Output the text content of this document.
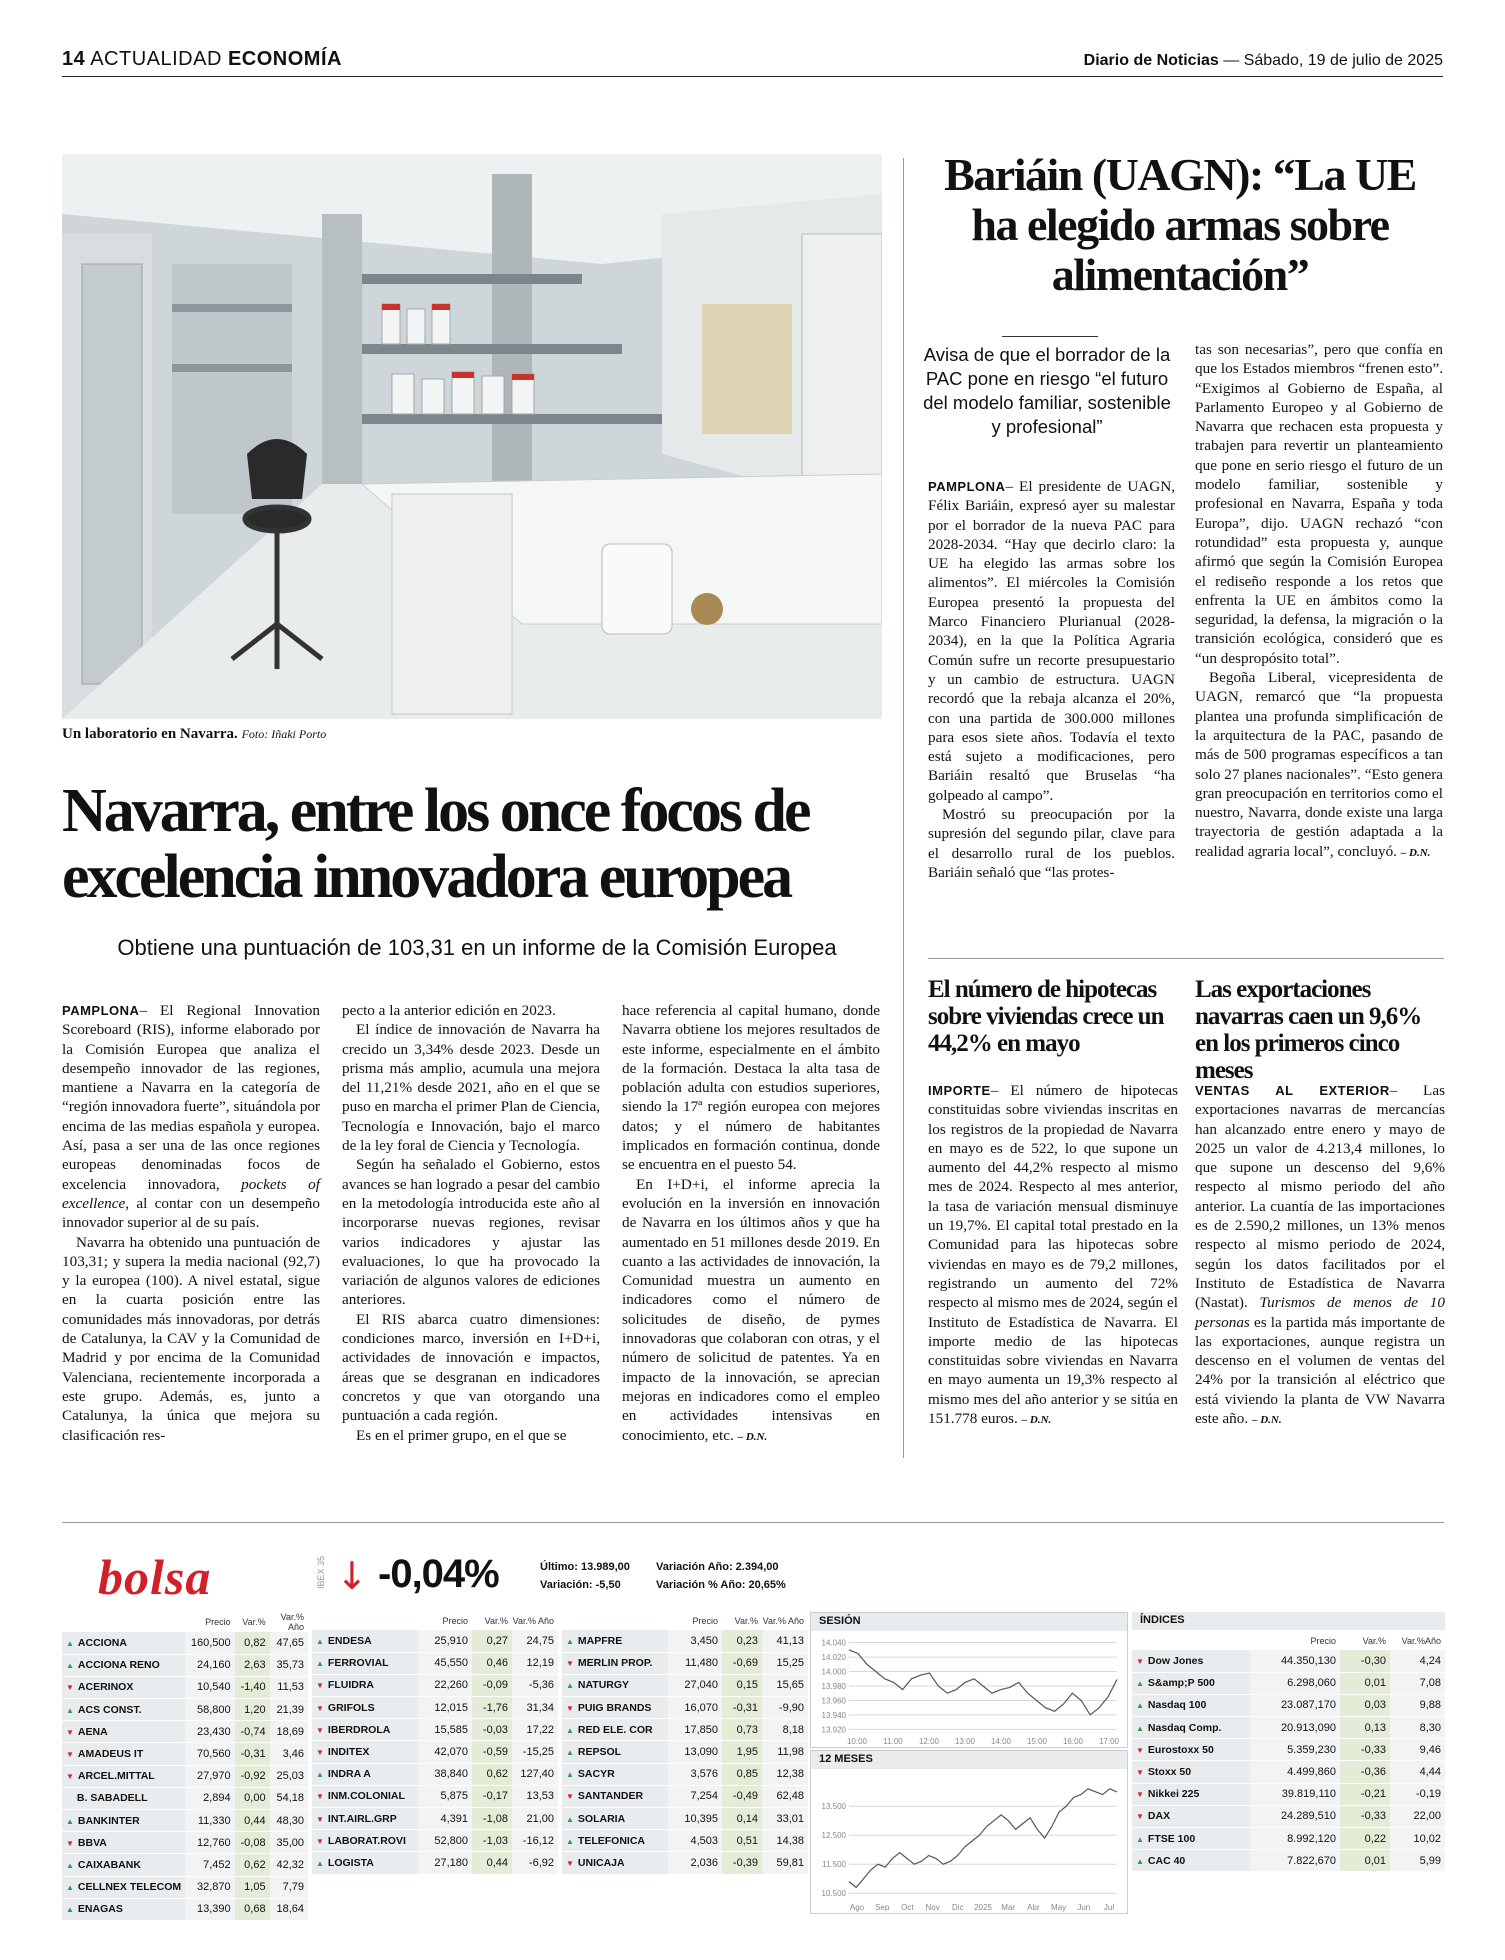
14 ACTUALIDAD ECONOMÍA	Diario de Noticias — Sábado, 19 de julio de 2025
Un laboratorio en Navarra. Foto: Iñaki Porto
Navarra, entre los once focos de excelencia innovadora europea
Obtiene una puntuación de 103,31 en un informe de la Comisión Europea

PAMPLONA– El Regional Innovation Scoreboard (RIS), informe elaborado por la Comisión Europea que analiza el desempeño innovador de las regiones, mantiene a Navarra en la categoría de “región innovadora fuerte”, situándola por encima de las medias española y europea. Así, pasa a ser una de las once regiones europeas denominadas focos de excelencia innovadora, pockets of excellence, al contar con un desempeño innovador superior al de su país.

Navarra ha obtenido una puntuación de 103,31; y supera la media nacional (92,7) y la europea (100). A nivel estatal, sigue en la cuarta posición entre las comunidades más innovadoras, por detrás de Catalunya, la CAV y la Comunidad de Madrid y por encima de la Comunidad Valenciana, recientemente incorporada a este grupo. Además, es, junto a Catalunya, la única que mejora su clasificación res-

pecto a la anterior edición en 2023.

El índice de innovación de Navarra ha crecido un 3,34% desde 2023. Desde un prisma más amplio, acumula una mejora del 11,21% desde 2021, año en el que se puso en marcha el primer Plan de Ciencia, Tecnología e Innovación, bajo el marco de la ley foral de Ciencia y Tecnología.

Según ha señalado el Gobierno, estos avances se han logrado a pesar del cambio en la metodología introducida este año al incorporarse nuevas regiones, revisar varios indicadores y ajustar las evaluaciones, lo que ha provocado la variación de algunos valores de ediciones anteriores.

El RIS abarca cuatro dimensiones: condiciones marco, inversión en I+D+i, actividades de innovación e impactos, áreas que se desgranan en indicadores concretos y que van otorgando una puntuación a cada región.

Es en el primer grupo, en el que se

hace referencia al capital humano, donde Navarra obtiene los mejores resultados de este informe, especialmente en el ámbito de la formación. Destaca la alta tasa de población adulta con estudios superiores, siendo la 17ª región europea con mejores datos; y el número de habitantes implicados en formación continua, donde se encuentra en el puesto 54.

En I+D+i, el informe aprecia la evolución en la inversión en innovación de Navarra en los últimos años y que ha aumentado en 51 millones desde 2019. En cuanto a las actividades de innovación, la Comunidad muestra un aumento en indicadores como el número de solicitudes de diseño, de pymes innovadoras que colaboran con otras, y el número de solicitud de patentes. Ya en impacto de la innovación, se aprecian mejoras en indicadores como el empleo en actividades intensivas en conocimiento, etc. – D.N.

Bariáin (UAGN): “La UE ha elegido armas sobre alimentación”
Avisa de que el borrador de la PAC pone en riesgo “el futuro del modelo familiar, sostenible y profesional”

PAMPLONA– El presidente de UAGN, Félix Bariáin, expresó ayer su malestar por el borrador de la nueva PAC para 2028-2034. “Hay que decirlo claro: la UE ha elegido las armas sobre los alimentos”. El miércoles la Comisión Europea presentó la propuesta del Marco Financiero Plurianual (2028-2034), en la que la Política Agraria Común sufre un recorte presupuestario y un cambio de estructura. UAGN recordó que la rebaja alcanza el 20%, con una partida de 300.000 millones para esos siete años. Todavía el texto está sujeto a modificaciones, pero Bariáin resaltó que Bruselas “ha golpeado al campo”.

Mostró su preocupación por la supresión del segundo pilar, clave para el desarrollo rural de los pueblos. Bariáin señaló que “las protes-

tas son necesarias”, pero que confía en que los Estados miembros “frenen esto”. “Exigimos al Gobierno de España, al Parlamento Europeo y al Gobierno de Navarra que rechacen esta propuesta y trabajen para revertir un planteamiento que pone en serio riesgo el futuro de un modelo familiar, sostenible y profesional en Navarra, España y toda Europa”, dijo. UAGN rechazó “con rotundidad” esta propuesta y, aunque afirmó que según la Comisión Europea el rediseño responde a los retos que enfrenta la UE en ámbitos como la seguridad, la defensa, la migración o la transición ecológica, consideró que es “un despropósito total”.

Begoña Liberal, vicepresidenta de UAGN, remarcó que “la propuesta plantea una profunda simplificación de la arquitectura de la PAC, pasando de más de 500 programas específicos a tan solo 27 planes nacionales”. “Esto genera gran preocupación en territorios como el nuestro, Navarra, donde existe una larga trayectoria de gestión adaptada a la realidad agraria local”, concluyó. – D.N.

El número de hipotecas sobre viviendas crece un 44,2% en mayo

IMPORTE– El número de hipotecas constituidas sobre viviendas inscritas en los registros de la propiedad de Navarra en mayo es de 522, lo que supone un aumento del 44,2% respecto al mismo mes de 2024. Respecto al mes anterior, la tasa de variación mensual disminuye un 19,7%. El capital total prestado en la Comunidad para las hipotecas sobre viviendas en mayo es de 79,2 millones, registrando un aumento del 72% respecto al mismo mes de 2024, según el Instituto de Estadística de Navarra. El importe medio de las hipotecas constituidas sobre viviendas en Navarra en mayo aumenta un 19,3% respecto al mismo mes del año anterior y se sitúa en 151.778 euros. – D.N.

Las exportaciones navarras caen un 9,6% en los primeros cinco meses

VENTAS AL EXTERIOR– Las exportaciones navarras de mercancías han alcanzado entre enero y mayo de 2025 un valor de 4.213,4 millones, lo que supone un descenso del 9,6% respecto al mismo periodo del año anterior. La cuantía de las importaciones es de 2.590,2 millones, un 13% menos respecto al mismo periodo de 2024, según los datos facilitados por el Instituto de Estadística de Navarra (Nastat). Turismos de menos de 10 personas es la partida más importante de las exportaciones, aunque registra un descenso en el volumen de ventas del 24% por la transición al eléctrico que está viviendo la planta de VW Navarra este año. – D.N.

bolsa	IBEX 35 ↓ -0,04%	Último: 13.989,00
Variación: -5,50
Variación Año: 2.394,00
Variación % Año: 20,65%
	Precio	Var.%	Var.% Año
▲ ACCIONA	160,500	0,82	47,65
▲ ACCIONA RENO	24,160	2,63	35,73
▼ ACERINOX	10,540	-1,40	11,53
▲ ACS CONST.	58,800	1,20	21,39
▼ AENA	23,430	-0,74	18,69
▼ AMADEUS IT	70,560	-0,31	3,46
▼ ARCEL.MITTAL	27,970	-0,92	25,03
B. SABADELL	2,894	0,00	54,18
▲ BANKINTER	11,330	0,44	48,30
▼ BBVA	12,760	-0,08	35,00
▲ CAIXABANK	7,452	0,62	42,32
▲ CELLNEX TELECOM	32,870	1,05	7,79
▲ ENAGAS	13,390	0,68	18,64
	Precio	Var.%	Var.% Año
▲ ENDESA	25,910	0,27	24,75
▲ FERROVIAL	45,550	0,46	12,19
▼ FLUIDRA	22,260	-0,09	-5,36
▼ GRIFOLS	12,015	-1,76	31,34
▼ IBERDROLA	15,585	-0,03	17,22
▼ INDITEX	42,070	-0,59	-15,25
▲ INDRA A	38,840	0,62	127,40
▼ INM.COLONIAL	5,875	-0,17	13,53
▼ INT.AIRL.GRP	4,391	-1,08	21,00
▼ LABORAT.ROVI	52,800	-1,03	-16,12
▲ LOGISTA	27,180	0,44	-6,92
	Precio	Var.%	Var.% Año
▲ MAPFRE	3,450	0,23	41,13
▼ MERLIN PROP.	11,480	-0,69	15,25
▲ NATURGY	27,040	0,15	15,65
▼ PUIG BRANDS	16,070	-0,31	-9,90
▲ RED ELE. COR	17,850	0,73	8,18
▲ REPSOL	13,090	1,95	11,98
▲ SACYR	3,576	0,85	12,38
▼ SANTANDER	7,254	-0,49	62,48
▲ SOLARIA	10,395	0,14	33,01
▲ TELEFONICA	4,503	0,51	14,38
▼ UNICAJA	2,036	-0,39	59,81
SESIÓN
13.920
13.940
13.960
13.980
14.000
14.020
14.040
10:00 11:00 12:00 13:00 14:00 15:00 16:00 17:00
12 MESES
10.500
11.500
12.500
13.500
Ago Sep Oct Nov Dic 2025 Mar Abr May Jun Jul
ÍNDICES
	Precio	Var.%	Var.%Año
▼ Dow Jones	44.350,130	-0,30	4,24
▲ S&amp;P 500	6.298,060	0,01	7,08
▲ Nasdaq 100	23.087,170	0,03	9,88
▲ Nasdaq Comp.	20.913,090	0,13	8,30
▼ Eurostoxx 50	5.359,230	-0,33	9,46
▼ Stoxx 50	4.499,860	-0,36	4,44
▼ Nikkei 225	39.819,110	-0,21	-0,19
▼ DAX	24.289,510	-0,33	22,00
▲ FTSE 100	8.992,120	0,22	10,02
▲ CAC 40	7.822,670	0,01	5,99
